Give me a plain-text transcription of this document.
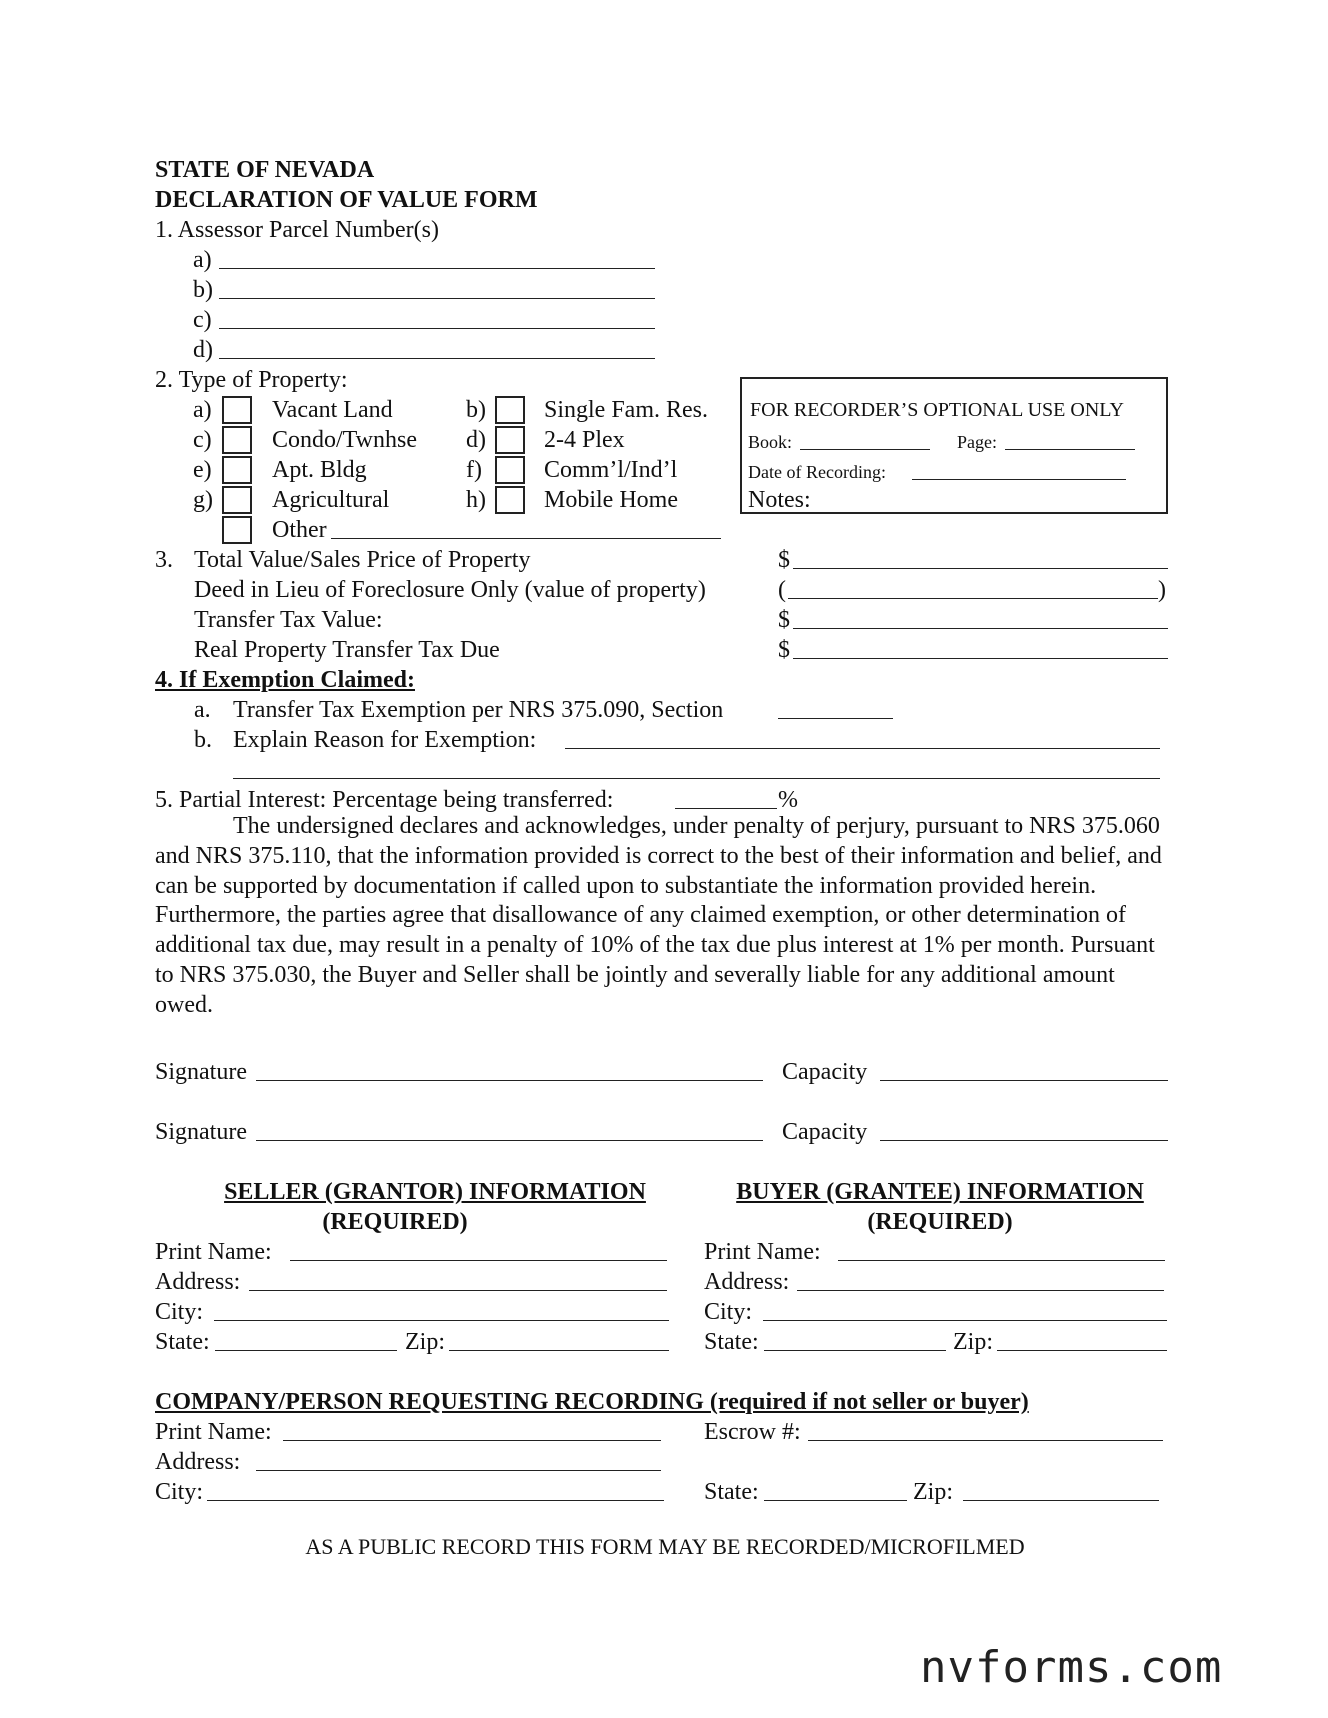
STATE OF NEVADA
DECLARATION OF VALUE FORM
1. Assessor Parcel Number(s)
a)
b)
c)
d)
2. Type of Property:
a)	Vacant Land	b) Single Fam. Res.
c)	Condo/Twnhse d) 2-4 Plex
e)	Apt. Bldg	f)	Comm’l/Ind’l
g) Agricultural	h) Mobile Home
Other
FOR RECORDER’S OPTIONAL USE ONLY
Book:	Page:
Date of Recording:
Notes:
3. Total Value/Sales Price of Property	$
Deed in Lieu of Foreclosure Only (value of property)	(	)
Transfer Tax Value:	$
Real Property Transfer Tax Due	$
4. If Exemption Claimed:
a. Transfer Tax Exemption per NRS 375.090, Section
b. Explain Reason for Exemption:
5. Partial Interest: Percentage being transferred:	%
The undersigned declares and acknowledges, under penalty of perjury, pursuant to NRS 375.060 and NRS 375.110, that the information provided is correct to the best of their information and belief, and can be supported by documentation if called upon to substantiate the information provided herein. Furthermore, the parties agree that disallowance of any claimed exemption, or other determination of additional tax due, may result in a penalty of 10% of the tax due plus interest at 1% per month. Pursuant to NRS 375.030, the Buyer and Seller shall be jointly and severally liable for any additional amount owed.
Signature	Capacity
Signature	Capacity
SELLER (GRANTOR) INFORMATION
(REQUIRED)
Print Name:
Address:
City:
State:	Zip:
BUYER (GRANTEE) INFORMATION
(REQUIRED)
Print Name:
Address:
City:
State:	Zip:
COMPANY/PERSON REQUESTING RECORDING (required if not seller or buyer)
Print Name:	Escrow #:
Address:
City:	State:	Zip:
AS A PUBLIC RECORD THIS FORM MAY BE RECORDED/MICROFILMED
nvforms.com
